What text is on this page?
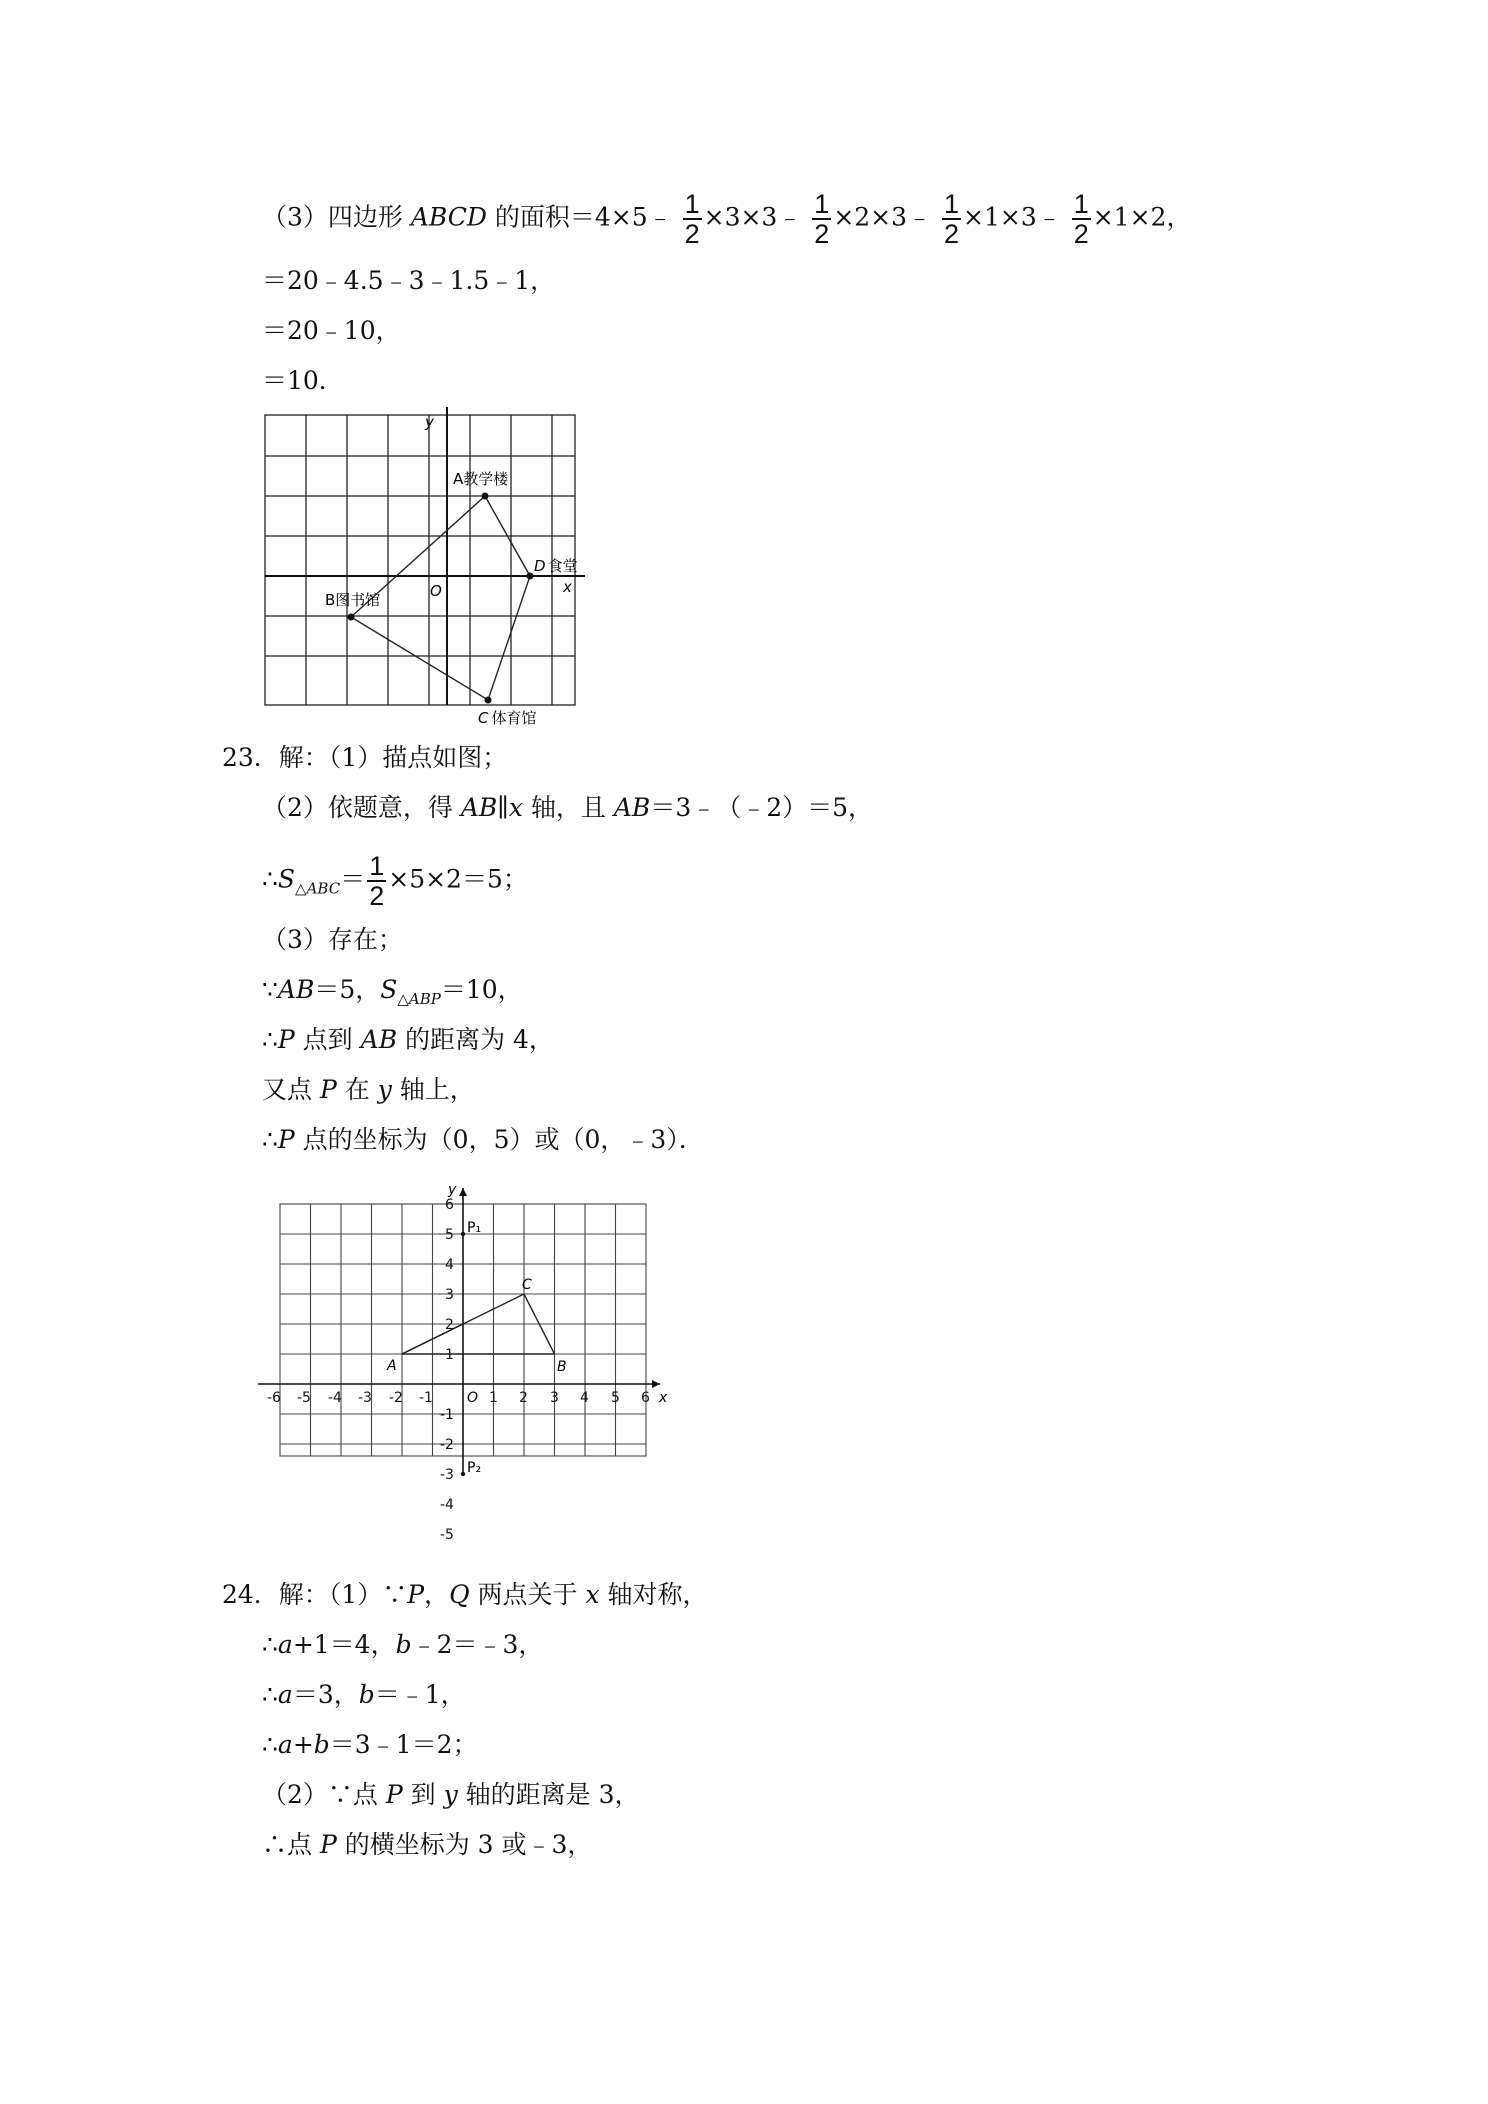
（3）四边形 ABCD 的面积＝4×5﹣ $\frac{1}{2}$ ×3×3﹣ $\frac{1}{2}$ ×2×3﹣ $\frac{1}{2}$ ×1×3﹣ $\frac{1}{2} \times 1\times 2$，
＝20﹣4.5﹣3﹣1.5﹣1，
＝20﹣10，
＝10．
y
x
O
A教学楼
B图书馆
C 体育馆
D 食堂
23．解：（1）描点如图；
（2）依题意，得 AB∥x 轴，且 AB＝3﹣（﹣2）＝5，
$\therefore S_{\triangle ABC}= \frac{1}{2} \times 5\times 2=5$；
（3）存在；
∵AB＝5，$S_{\triangle ABP}=10$，
∴P 点到 AB 的距离为 4，
又点 P 在 y 轴上，
∴P 点的坐标为（0，5）或（0，﹣3）．
-6 -5 -4 -3 -2 -1	1 2 3 4 5 6
1
2
3
4
5
6
-1
-2
-3
-4
-5
y
x
O
A	B
C
P₁
P₂
24．解：（1）∵P，Q 两点关于 x 轴对称，
∴a+1＝4，b﹣2＝﹣3，
∴a＝3，b＝﹣1，
∴a+b＝3﹣1＝2；
（2）∵点 P 到 y 轴的距离是 3，
∴点 P 的横坐标为 3 或﹣3，
